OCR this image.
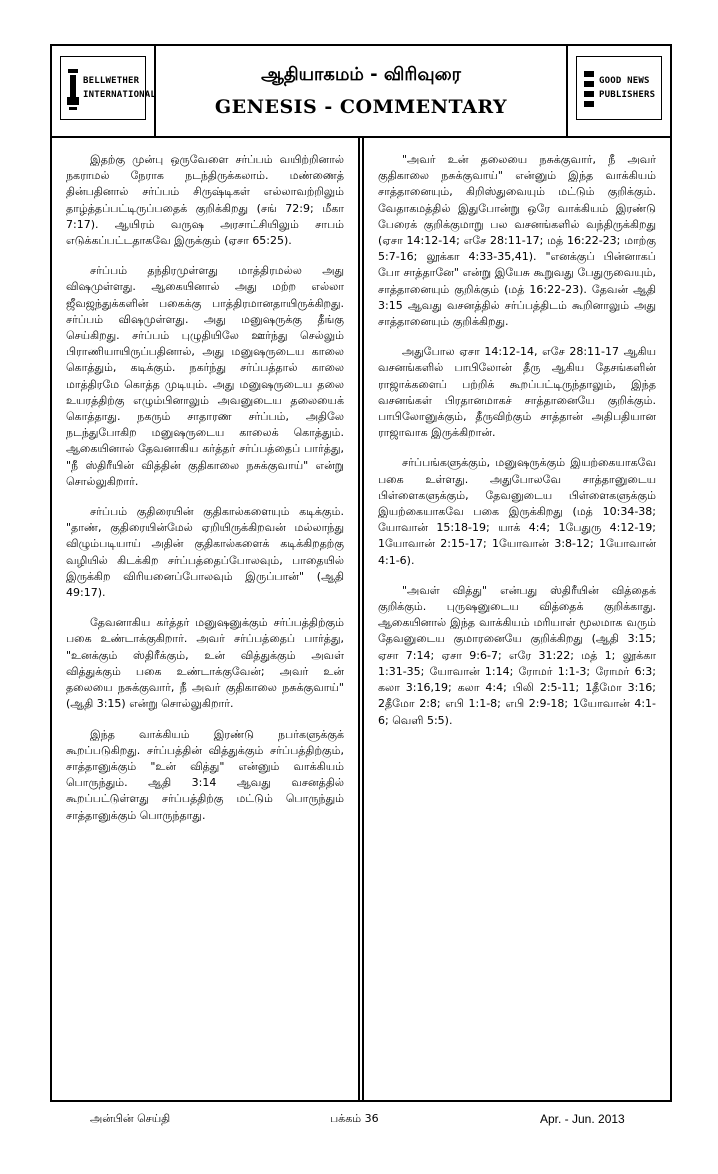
BELLWETHER
INTERNATIONAL
ஆதியாகமம் - விரிவுரை
GENESIS - COMMENTARY
GOOD NEWS
PUBLISHERS

இதற்கு முன்பு ஒருவேளை சர்ப்பம் வயிற்றினால் நகராமல் நேராக நடந்திருக்கலாம். மண்ணைத் தின்பதினால் சர்ப்பம் சிருஷ்டிகள் எல்லாவற்றிலும் தாழ்த்தப்பட்டிருப்பதைக் குறிக்கிறது (சங் 72:9; மீகா 7:17). ஆயிரம் வருஷ அரசாட்சியிலும் சாபம் எடுக்கப்பட்டதாகவே இருக்கும் (ஏசா 65:25).

சர்ப்பம் தந்திரமுள்ளது மாத்திரமல்ல அது விஷமுள்ளது. ஆகையினால் அது மற்ற எல்லா ஜீவஜந்துக்களின் பகைக்கு பாத்திரமானதாயிருக்கிறது. சர்ப்பம் விஷமுள்ளது. அது மனுஷருக்கு தீங்கு செய்கிறது. சர்ப்பம் புழுதியிலே ஊர்ந்து செல்லும் பிராணியாயிருப்பதினால், அது மனுஷருடைய காலை கொத்தும், கடிக்கும். நகர்ந்து சர்ப்பத்தால் காலை மாத்திரமே கொத்த முடியும். அது மனுஷருடைய தலை உயரத்திற்கு எழும்பினாலும் அவனுடைய தலையைக் கொத்தாது. நகரும் சாதாரண சர்ப்பம், அதிலே நடந்துபோகிற மனுஷருடைய காலைக் கொத்தும். ஆகையினால் தேவனாகிய கர்த்தர் சர்ப்பத்தைப் பார்த்து, "நீ ஸ்திரீயின் வித்தின் குதிகாலை நசுக்குவாய்" என்று சொல்லுகிறார்.

சர்ப்பம் குதிரையின் குதிகால்களையும் கடிக்கும். "தாண், குதிரையின்மேல் ஏறியிருக்கிறவன் மல்லாந்து விழும்படியாய் அதின் குதிகால்களைக் கடிக்கிறதற்கு வழியில் கிடக்கிற சர்ப்பத்தைப்போலவும், பாதையில் இருக்கிற விரியனைப்போலவும் இருப்பான்" (ஆதி 49:17).

தேவனாகிய கர்த்தர் மனுஷனுக்கும் சர்ப்பத்திற்கும் பகை உண்டாக்குகிறார். அவர் சர்ப்பத்தைப் பார்த்து, "உனக்கும் ஸ்திரீக்கும், உன் வித்துக்கும் அவள் வித்துக்கும் பகை உண்டாக்குவேன்; அவர் உன் தலையை நசுக்குவார், நீ அவர் குதிகாலை நசுக்குவாய்" (ஆதி 3:15) என்று சொல்லுகிறார்.

இந்த வாக்கியம் இரண்டு நபர்களுக்குக் கூறப்படுகிறது. சர்ப்பத்தின் வித்துக்கும் சர்ப்பத்திற்கும், சாத்தானுக்கும் "உன் வித்து" என்னும் வாக்கியம் பொருந்தும். ஆதி 3:14 ஆவது வசனத்தில் கூறப்பட்டுள்ளது சர்ப்பத்திற்கு மட்டும் பொருந்தும் சாத்தானுக்கும் பொருந்தாது.

"அவர் உன் தலையை நசுக்குவார், நீ அவர் குதிகாலை நசுக்குவாய்" என்னும் இந்த வாக்கியம் சாத்தானையும், கிறிஸ்துவையும் மட்டும் குறிக்கும். வேதாகமத்தில் இதுபோன்று ஒரே வாக்கியம் இரண்டு பேரைக் குறிக்குமாறு பல வசனங்களில் வந்திருக்கிறது (ஏசா 14:12-14; எசே 28:11-17; மத் 16:22-23; மாற்கு 5:7-16; லூக்கா 4:33-35,41). "எனக்குப் பின்னாகப் போ சாத்தானே" என்று இயேசு கூறுவது பேதுருவையும், சாத்தானையும் குறிக்கும் (மத் 16:22-23). தேவன் ஆதி 3:15 ஆவது வசனத்தில் சர்ப்பத்திடம் கூறினாலும் அது சாத்தானையும் குறிக்கிறது.

அதுபோல ஏசா 14:12-14, எசே 28:11-17 ஆகிய வசனங்களில் பாபிலோன் தீரு ஆகிய தேசங்களின் ராஜாக்களைப் பற்றிக் கூறப்பட்டிருந்தாலும், இந்த வசனங்கள் பிரதானமாகச் சாத்தானையே குறிக்கும். பாபிலோனுக்கும், தீருவிற்கும் சாத்தான் அதிபதியான ராஜாவாக இருக்கிறான்.

சர்ப்பங்களுக்கும், மனுஷருக்கும் இயற்கையாகவே பகை உள்ளது. அதுபோலவே சாத்தானுடைய பிள்ளைகளுக்கும், தேவனுடைய பிள்ளைகளுக்கும் இயற்கையாகவே பகை இருக்கிறது (மத் 10:34-38; யோவான் 15:18-19; யாக் 4:4; 1பேதுரு 4:12-19; 1யோவான் 2:15-17; 1யோவான் 3:8-12; 1யோவான் 4:1-6).

"அவள் வித்து" என்பது ஸ்திரீயின் வித்தைக் குறிக்கும். புருஷனுடைய வித்தைக் குறிக்காது. ஆகையினால் இந்த வாக்கியம் மரியாள் மூலமாக வரும் தேவனுடைய குமாரனையே குறிக்கிறது (ஆதி 3:15; ஏசா 7:14; ஏசா 9:6-7; எரே 31:22; மத் 1; லூக்கா 1:31-35; யோவான் 1:14; ரோமர் 1:1-3; ரோமர் 6:3; கலா 3:16,19; கலா 4:4; பிலி 2:5-11; 1தீமோ 3:16; 2தீமோ 2:8; எபி 1:1-8; எபி 2:9-18; 1யோவான் 4:1-6; வெளி 5:5).

அன்பின் செய்தி	பக்கம் 36	Apr. - Jun. 2013
